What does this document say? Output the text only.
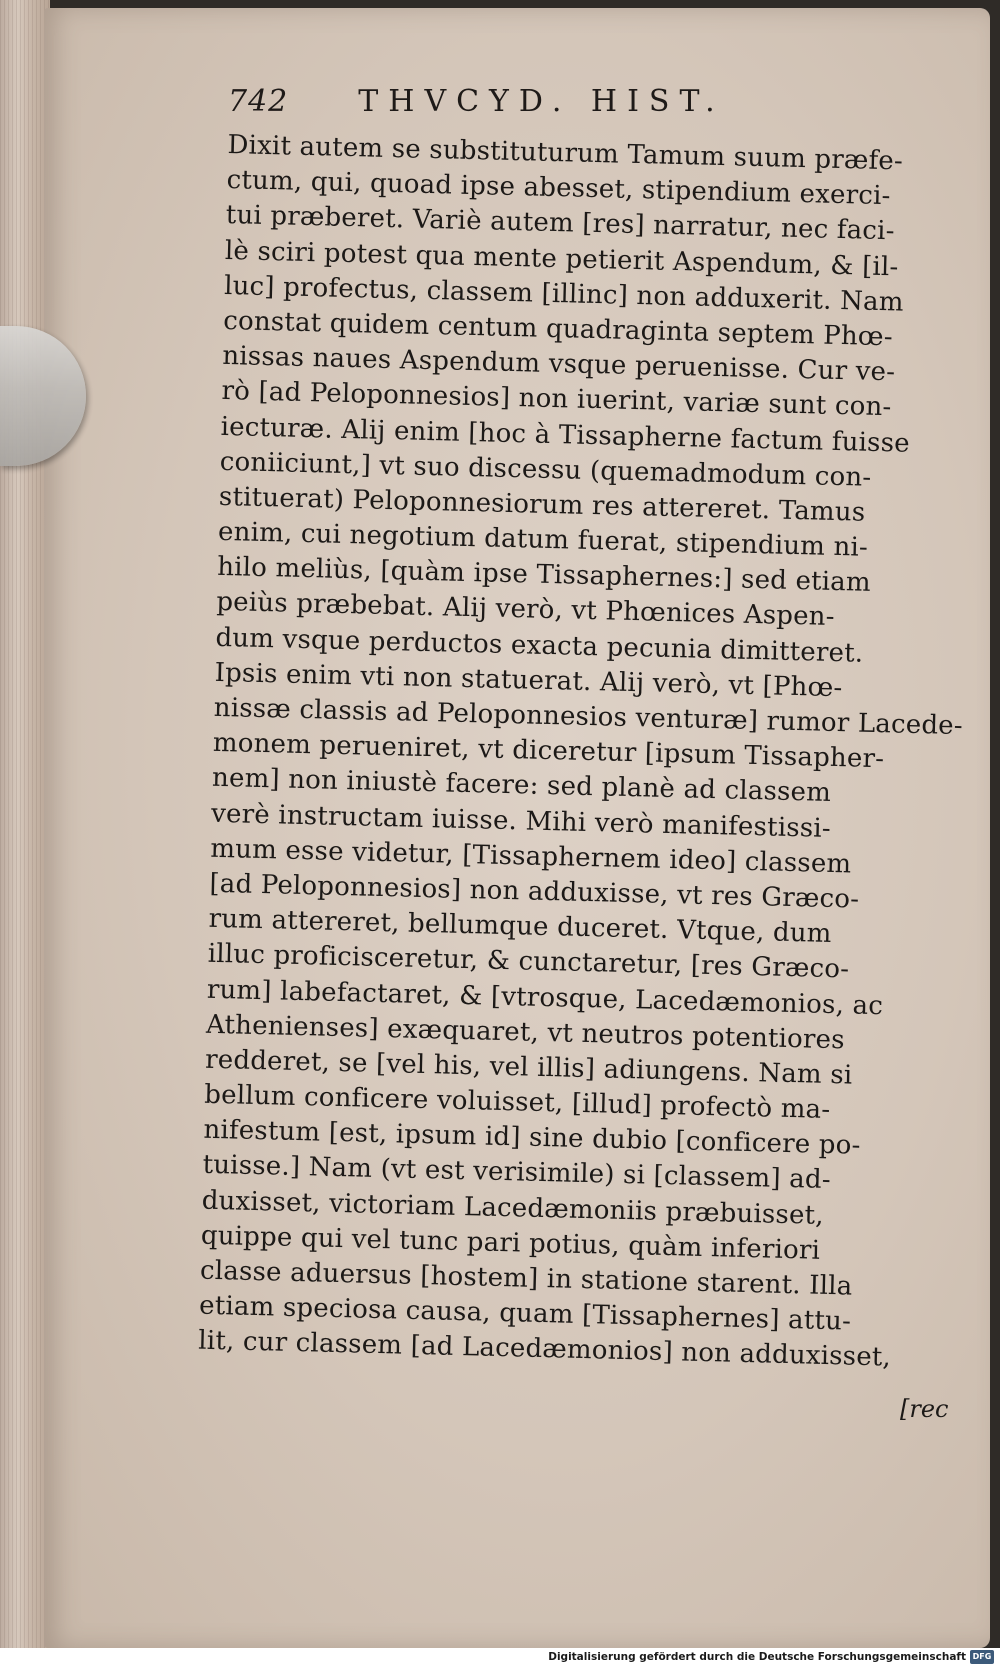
742 THVCYD. HIST.
Dixit autem se substituturum Tamum suum præfe-
ctum, qui, quoad ipse abesset, stipendium exerci-
tui præberet. Variè autem [res] narratur, nec faci-
lè sciri potest qua mente petierit Aspendum, & [il-
luc] profectus, classem [illinc] non adduxerit. Nam
constat quidem centum quadraginta septem Phœ-
nissas naues Aspendum vsque peruenisse. Cur ve-
rò [ad Peloponnesios] non iuerint, variæ sunt con-
iecturæ. Alij enim [hoc à Tissapherne factum fuisse
coniiciunt,] vt suo discessu (quemadmodum con-
stituerat) Peloponnesiorum res attereret. Tamus
enim, cui negotium datum fuerat, stipendium ni-
hilo meliùs, [quàm ipse Tissaphernes:] sed etiam
peiùs præbebat. Alij verò, vt Phœnices Aspen-
dum vsque perductos exacta pecunia dimitteret.
Ipsis enim vti non statuerat. Alij verò, vt [Phœ-
nissæ classis ad Peloponnesios venturæ] rumor Lacede-
monem perueniret, vt diceretur [ipsum Tissapher-
nem] non iniustè facere: sed planè ad classem
verè instructam iuisse. Mihi verò manifestissi-
mum esse videtur, [Tissaphernem ideo] classem
[ad Peloponnesios] non adduxisse, vt res Græco-
rum attereret, bellumque duceret. Vtque, dum
illuc proficisceretur, & cunctaretur, [res Græco-
rum] labefactaret, & [vtrosque, Lacedæmonios, ac
Athenienses] exæquaret, vt neutros potentiores
redderet, se [vel his, vel illis] adiungens. Nam si
bellum conficere voluisset, [illud] profectò ma-
nifestum [est, ipsum id] sine dubio [conficere po-
tuisse.] Nam (vt est verisimile) si [classem] ad-
duxisset, victoriam Lacedæmoniis præbuisset,
quippe qui vel tunc pari potius, quàm inferiori
classe aduersus [hostem] in statione starent. Illa
etiam speciosa causa, quam [Tissaphernes] attu-
lit, cur classem [ad Lacedæmonios] non adduxisset,
[rec
Digitalisierung gefördert durch die Deutsche Forschungsgemeinschaft DFG
